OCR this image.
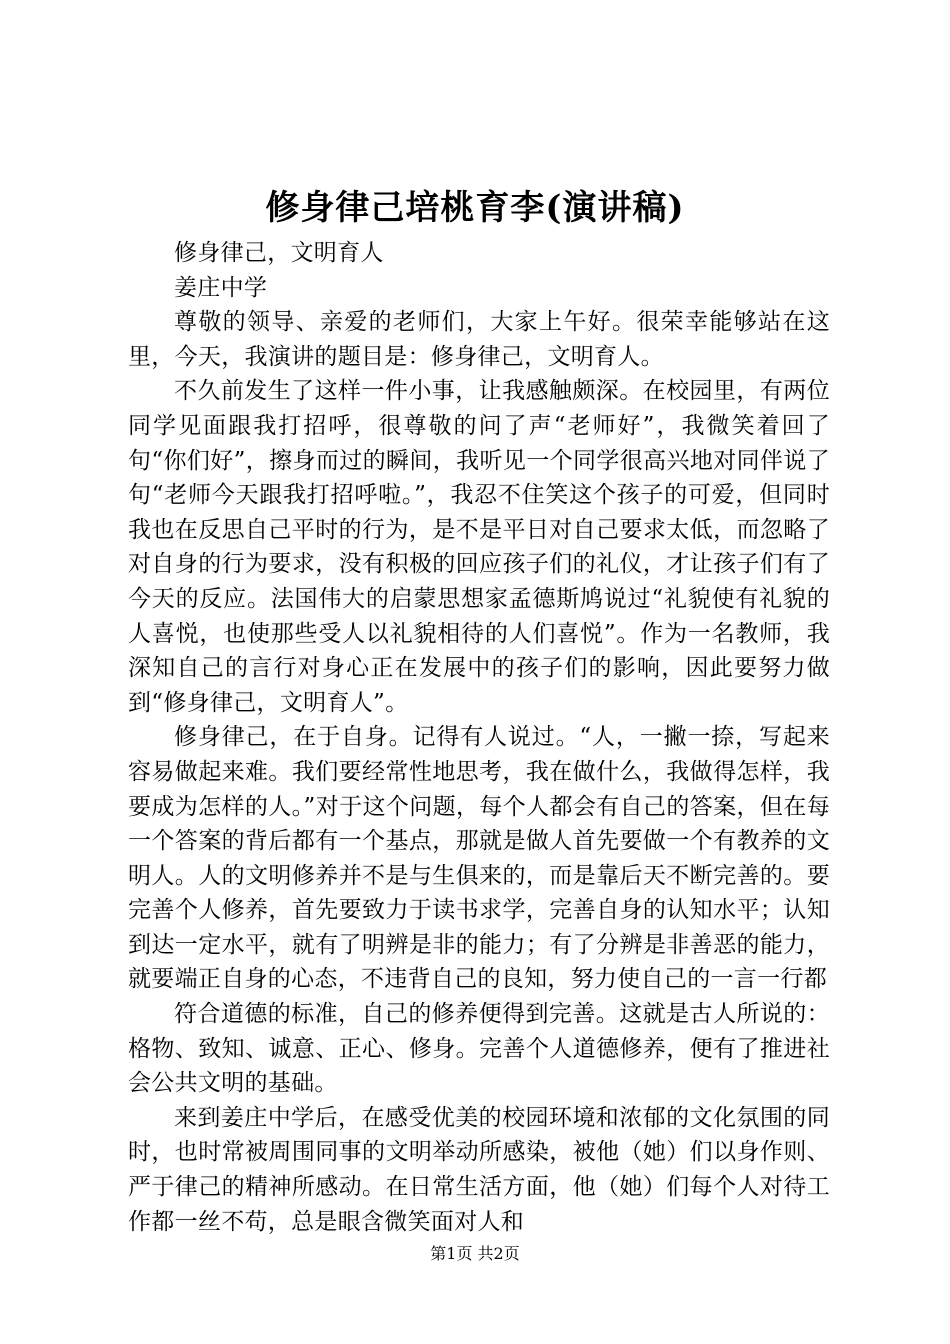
修身律己培桃育李(演讲稿)

修身律己，文明育人

姜庄中学

尊敬的领导、亲爱的老师们，大家上午好。很荣幸能够站在这里，今天，我演讲的题目是：修身律己，文明育人。

不久前发生了这样一件小事，让我感触颇深。在校园里，有两位同学见面跟我打招呼，很尊敬的问了声“老师好”，我微笑着回了句“你们好”，擦身而过的瞬间，我听见一个同学很高兴地对同伴说了句“老师今天跟我打招呼啦。”，我忍不住笑这个孩子的可爱，但同时我也在反思自己平时的行为，是不是平日对自己要求太低，而忽略了对自身的行为要求，没有积极的回应孩子们的礼仪，才让孩子们有了今天的反应。法国伟大的启蒙思想家孟德斯鸠说过“礼貌使有礼貌的人喜悦，也使那些受人以礼貌相待的人们喜悦”。作为一名教师，我深知自己的言行对身心正在发展中的孩子们的影响，因此要努力做到“修身律己，文明育人”。

修身律己，在于自身。记得有人说过。“人，一撇一捺，写起来容易做起来难。我们要经常性地思考，我在做什么，我做得怎样，我要成为怎样的人。”对于这个问题，每个人都会有自己的答案，但在每一个答案的背后都有一个基点，那就是做人首先要做一个有教养的文明人。人的文明修养并不是与生俱来的，而是靠后天不断完善的。要完善个人修养，首先要致力于读书求学，完善自身的认知水平；认知到达一定水平，就有了明辨是非的能力；有了分辨是非善恶的能力，就要端正自身的心态，不违背自己的良知，努力使自己的一言一行都

符合道德的标准，自己的修养便得到完善。这就是古人所说的：格物、致知、诚意、正心、修身。完善个人道德修养，便有了推进社会公共文明的基础。

来到姜庄中学后，在感受优美的校园环境和浓郁的文化氛围的同时，也时常被周围同事的文明举动所感染，被他（她）们以身作则、严于律己的精神所感动。在日常生活方面，他（她）们每个人对待工作都一丝不苟，总是眼含微笑面对人和

第1页 共2页
